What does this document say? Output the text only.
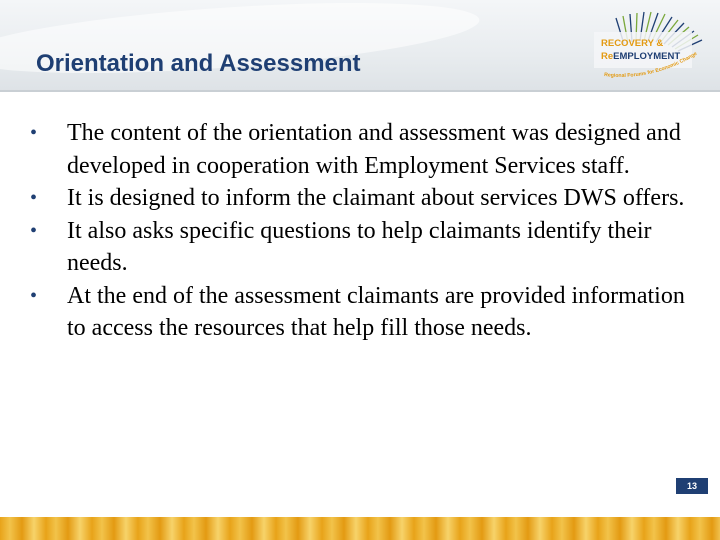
Orientation and Assessment
RECOVERY &
ReEMPLOYMENT
Regional Forums for Economic Change
•	The content of the orientation and assessment was designed and developed in cooperation with Employment Services staff.
•	It is designed to inform the claimant about services DWS offers.
•	It also asks specific questions to help claimants identify their needs.
•	At the end of the assessment claimants are provided information to access the resources that help fill those needs.
13
